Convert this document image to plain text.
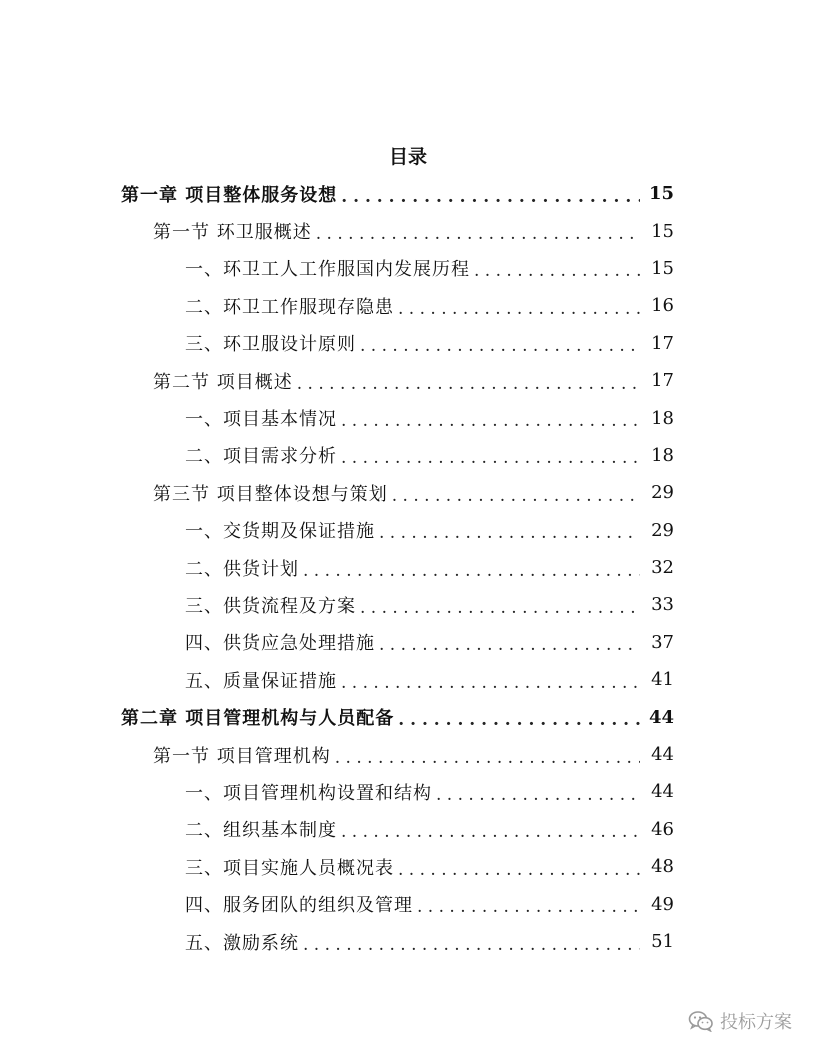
目录
第一章 项目整体服务设想 . . .	15
第一节 环卫服概述 . . .	15
一、环卫工人工作服国内发展历程 . . .	15
二、环卫工作服现存隐患 . . .	16
三、环卫服设计原则 . . .	17
第二节 项目概述 . . .	17
一、项目基本情况 . . .	18
二、项目需求分析 . . .	18
第三节 项目整体设想与策划 . . .	29
一、交货期及保证措施 . . .	29
二、供货计划 . . .	32
三、供货流程及方案 . . .	33
四、供货应急处理措施 . . .	37
五、质量保证措施 . . .	41
第二章 项目管理机构与人员配备 . . .	44
第一节 项目管理机构 . . .	44
一、项目管理机构设置和结构 . . .	44
二、组织基本制度 . . .	46
三、项目实施人员概况表 . . .	48
四、服务团队的组织及管理 . . .	49
五、激励系统 . . .	51
投标方案
